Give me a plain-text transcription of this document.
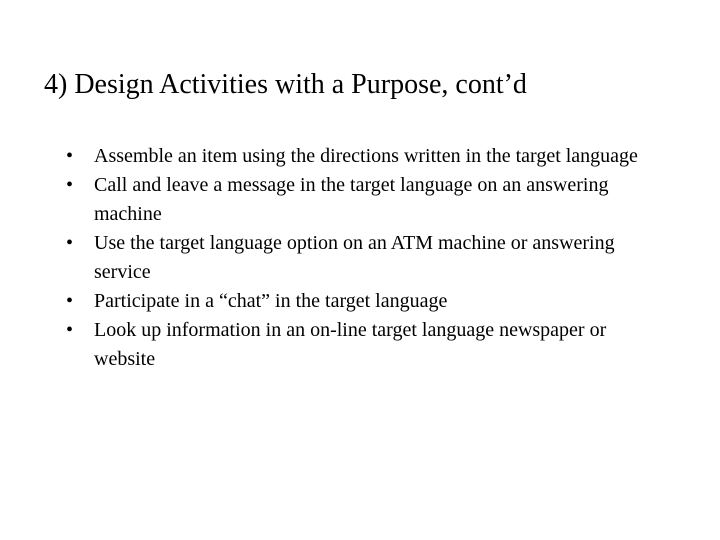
4) Design Activities with a Purpose, cont’d
•	Assemble an item using the directions written in the target language
•	Call and leave a message in the target language on an answering machine
•	Use the target language option on an ATM machine or answering service
•	Participate in a “chat” in the target language
•	Look up information in an on-line target language newspaper or website
